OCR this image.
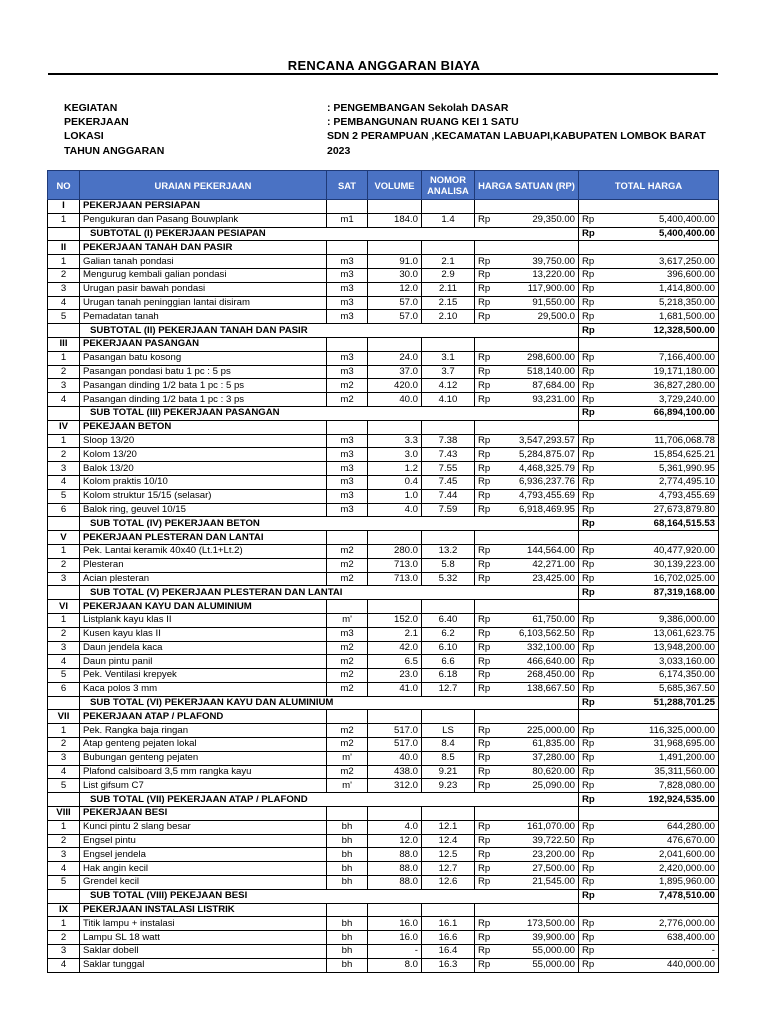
RENCANA ANGGARAN BIAYA
KEGIATAN	: PENGEMBANGAN Sekolah DASAR
PEKERJAAN	: PEMBANGUNAN RUANG KEI 1 SATU
LOKASI	SDN 2 PERAMPUAN ,KECAMATAN LABUAPI,KABUPATEN LOMBOK BARAT
TAHUN ANGGARAN	2023
NO	URAIAN PEKERJAAN	SAT	VOLUME	NOMOR ANALISA	HARGA SATUAN (RP)		TOTAL HARGA	
I	PEKERJAAN PERSIAPAN							
1	Pengukuran dan Pasang Bouwplank	m1	184.0	1.4	Rp	29,350.00	Rp	5,400,400.00
	SUBTOTAL (I) PEKERJAAN PESIAPAN						Rp	5,400,400.00
II	PEKERJAAN TANAH DAN PASIR							
1	Galian tanah pondasi	m3	91.0	2.1	Rp	39,750.00	Rp	3,617,250.00
2	Mengurug kembali galian pondasi	m3	30.0	2.9	Rp	13,220.00	Rp	396,600.00
3	Urugan pasir bawah pondasi	m3	12.0	2.11	Rp	117,900.00	Rp	1,414,800.00
4	Urugan tanah peninggian lantai disiram	m3	57.0	2.15	Rp	91,550.00	Rp	5,218,350.00
5	Pemadatan tanah	m3	57.0	2.10	Rp	29,500.0	Rp	1,681,500.00
	SUBTOTAL (II) PEKERJAAN TANAH DAN PASIR						Rp	12,328,500.00
III	PEKERJAAN PASANGAN							
1	Pasangan batu kosong	m3	24.0	3.1	Rp	298,600.00	Rp	7,166,400.00
2	Pasangan pondasi batu 1 pc : 5 ps	m3	37.0	3.7	Rp	518,140.00	Rp	19,171,180.00
3	Pasangan dinding 1/2 bata 1 pc : 5 ps	m2	420.0	4.12	Rp	87,684.00	Rp	36,827,280.00
4	Pasangan dinding 1/2 bata 1 pc : 3 ps	m2	40.0	4.10	Rp	93,231.00	Rp	3,729,240.00
	SUB TOTAL (III) PEKERJAAN PASANGAN						Rp	66,894,100.00
IV	PEKEJAAN BETON							
1	Sloop 13/20	m3	3.3	7.38	Rp	3,547,293.57	Rp	11,706,068.78
2	Kolom 13/20	m3	3.0	7.43	Rp	5,284,875.07	Rp	15,854,625.21
3	Balok 13/20	m3	1.2	7.55	Rp	4,468,325.79	Rp	5,361,990.95
4	Kolom praktis 10/10	m3	0.4	7.45	Rp	6,936,237.76	Rp	2,774,495.10
5	Kolom struktur 15/15 (selasar)	m3	1.0	7.44	Rp	4,793,455.69	Rp	4,793,455.69
6	Balok ring, geuvel 10/15	m3	4.0	7.59	Rp	6,918,469.95	Rp	27,673,879.80
	SUB TOTAL (IV) PEKERJAAN BETON						Rp	68,164,515.53
V	PEKERJAAN PLESTERAN DAN LANTAI							
1	Pek. Lantai keramik 40x40 (Lt.1+Lt.2)	m2	280.0	13.2	Rp	144,564.00	Rp	40,477,920.00
2	Plesteran	m2	713.0	5.8	Rp	42,271.00	Rp	30,139,223.00
3	Acian plesteran	m2	713.0	5.32	Rp	23,425.00	Rp	16,702,025.00
	SUB TOTAL (V) PEKERJAAN PLESTERAN DAN LANTAI						Rp	87,319,168.00
VI	PEKERJAAN KAYU DAN ALUMINIUM							
1	Listplank kayu klas II	m'	152.0	6.40	Rp	61,750.00	Rp	9,386,000.00
2	Kusen kayu klas II	m3	2.1	6.2	Rp	6,103,562.50	Rp	13,061,623.75
3	Daun jendela kaca	m2	42.0	6.10	Rp	332,100.00	Rp	13,948,200.00
4	Daun pintu panil	m2	6.5	6.6	Rp	466,640.00	Rp	3,033,160.00
5	Pek. Ventilasi krepyek	m2	23.0	6.18	Rp	268,450.00	Rp	6,174,350.00
6	Kaca polos 3 mm	m2	41.0	12.7	Rp	138,667.50	Rp	5,685,367.50
	SUB TOTAL (VI) PEKERJAAN KAYU DAN ALUMINIUM						Rp	51,288,701.25
VII	PEKERJAAN ATAP / PLAFOND							
1	Pek. Rangka baja ringan	m2	517.0	LS	Rp	225,000.00	Rp	116,325,000.00
2	Atap genteng pejaten lokal	m2	517.0	8.4	Rp	61,835.00	Rp	31,968,695.00
3	Bubungan genteng pejaten	m'	40.0	8.5	Rp	37,280.00	Rp	1,491,200.00
4	Plafond calsiboard 3,5 mm rangka kayu	m2	438.0	9.21	Rp	80,620.00	Rp	35,311,560.00
5	List gifsum C7	m'	312.0	9.23	Rp	25,090.00	Rp	7,828,080.00
	SUB TOTAL (VII) PEKERJAAN ATAP / PLAFOND						Rp	192,924,535.00
VIII	PEKERJAAN BESI							
1	Kunci pintu 2 slang besar	bh	4.0	12.1	Rp	161,070.00	Rp	644,280.00
2	Engsel pintu	bh	12.0	12.4	Rp	39,722.50	Rp	476,670.00
3	Engsel jendela	bh	88.0	12.5	Rp	23,200.00	Rp	2,041,600.00
4	Hak angin kecil	bh	88.0	12.7	Rp	27,500.00	Rp	2,420,000.00
5	Grendel kecil	bh	88.0	12.6	Rp	21,545.00	Rp	1,895,960.00
	SUB TOTAL (VIII) PEKEJAAN BESI						Rp	7,478,510.00
IX	PEKERJAAN INSTALASI LISTRIK							
1	Titik lampu + instalasi	bh	16.0	16.1	Rp	173,500.00	Rp	2,776,000.00
2	Lampu SL 18 watt	bh	16.0	16.6	Rp	39,900.00	Rp	638,400.00
3	Saklar dobell	bh	-	16.4	Rp	55,000.00	Rp	-
4	Saklar tunggal	bh	8.0	16.3	Rp	55,000.00	Rp	440,000.00
